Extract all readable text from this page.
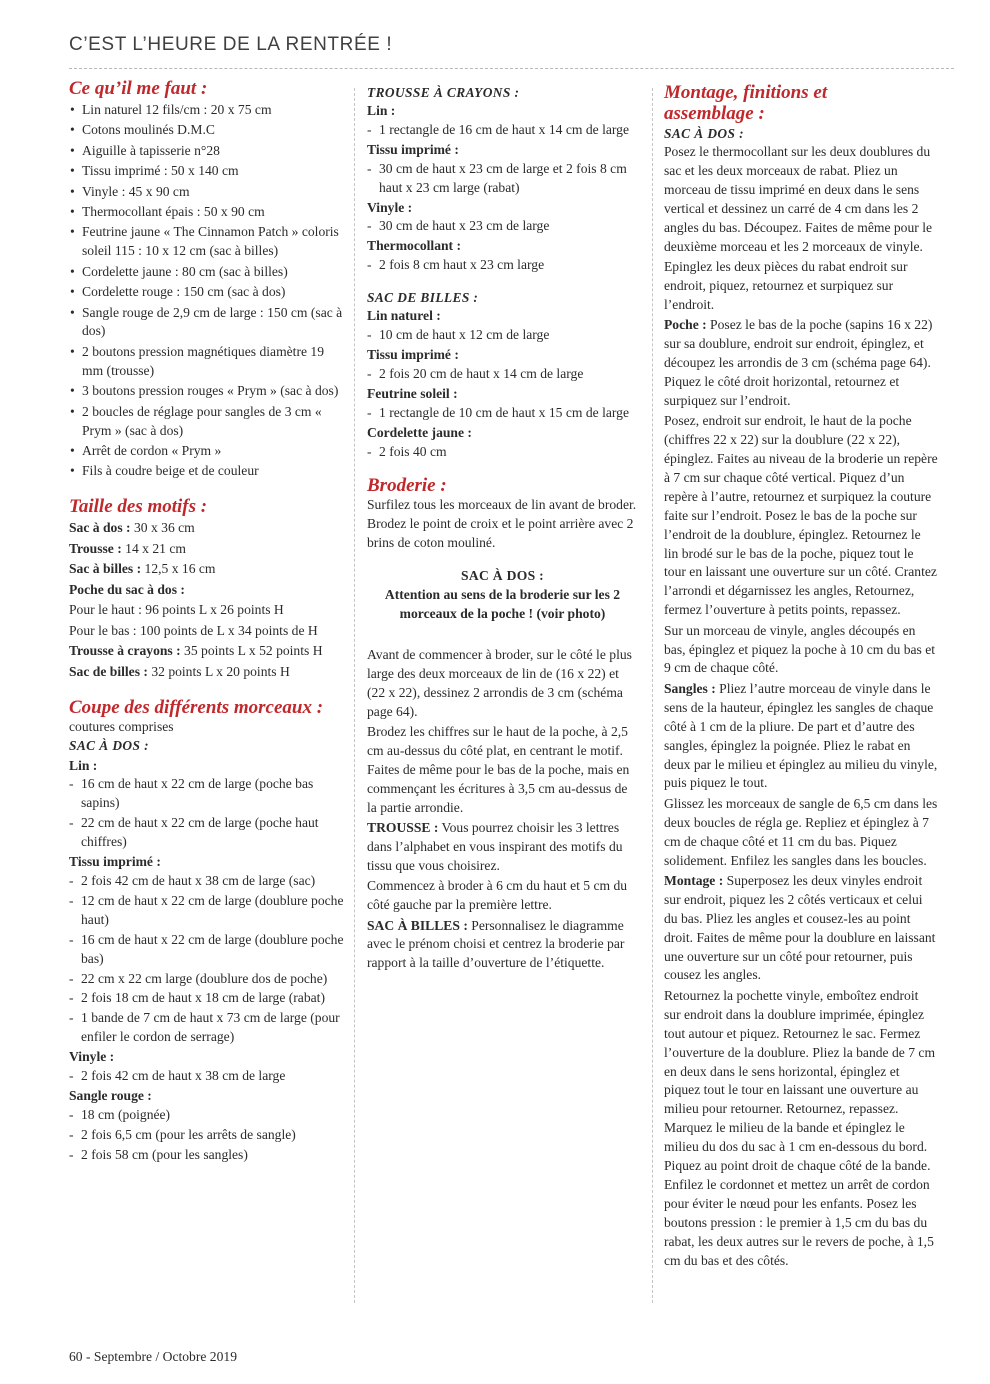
C’EST L’HEURE DE LA RENTRÉE !
Ce qu’il me faut :
• Lin naturel 12 fils/cm : 20 x 75 cm
• Cotons moulinés D.M.C
• Aiguille à tapisserie n°28
• Tissu imprimé : 50 x 140 cm
• Vinyle : 45 x 90 cm
• Thermocollant épais : 50 x 90 cm
• Feutrine jaune « The Cinnamon Patch » coloris soleil 115 : 10 x 12 cm (sac à billes)
• Cordelette jaune : 80 cm (sac à billes)
• Cordelette rouge : 150 cm (sac à dos)
• Sangle rouge de 2,9 cm de large : 150 cm (sac à dos)
• 2 boutons pression magnétiques diamètre 19 mm (trousse)
• 3 boutons pression rouges « Prym » (sac à dos)
• 2 boucles de réglage pour sangles de 3 cm « Prym » (sac à dos)
• Arrêt de cordon « Prym »
• Fils à coudre beige et de couleur
Taille des motifs :
Sac à dos : 30 x 36 cm
Trousse : 14 x 21 cm
Sac à billes : 12,5 x 16 cm
Poche du sac à dos :
Pour le haut : 96 points L x 26 points H
Pour le bas : 100 points de L x 34 points de H
Trousse à crayons : 35 points L x 52 points H
Sac de billes : 32 points L x 20 points H
Coupe des différents morceaux :

coutures comprises

SAC À DOS :
Lin :
- 16 cm de haut x 22 cm de large (poche bas sapins)
- 22 cm de haut x 22 cm de large (poche haut chiffres)
Tissu imprimé :
- 2 fois 42 cm de haut x 38 cm de large (sac)
- 12 cm de haut x 22 cm de large (doublure poche haut)
- 16 cm de haut x 22 cm de large (doublure poche bas)
- 22 cm x 22 cm large (doublure dos de poche)
- 2 fois 18 cm de haut x 18 cm de large (rabat)
- 1 bande de 7 cm de haut x 73 cm de large (pour enfiler le cordon de serrage)
Vinyle :
- 2 fois 42 cm de haut x 38 cm de large
Sangle rouge :
- 18 cm (poignée)
- 2 fois 6,5 cm (pour les arrêts de sangle)
- 2 fois 58 cm (pour les sangles)
TROUSSE À CRAYONS :
Lin :
- 1 rectangle de 16 cm de haut x 14 cm de large
Tissu imprimé :
- 30 cm de haut x 23 cm de large et 2 fois 8 cm haut x 23 cm large (rabat)
Vinyle :
- 30 cm de haut x 23 cm de large
Thermocollant :
- 2 fois 8 cm haut x 23 cm large
SAC DE BILLES :
Lin naturel :
- 10 cm de haut x 12 cm de large
Tissu imprimé :
- 2 fois 20 cm de haut x 14 cm de large
Feutrine soleil :
- 1 rectangle de 10 cm de haut x 15 cm de large
Cordelette jaune :
- 2 fois 40 cm
Broderie :

Surfilez tous les morceaux de lin avant de broder. Brodez le point de croix et le point arrière avec 2 brins de coton mouliné.

SAC À DOS :
Attention au sens de la broderie sur les 2 morceaux de la poche ! (voir photo)

Avant de commencer à broder, sur le côté le plus large des deux morceaux de lin de (16 x 22) et (22 x 22), dessinez 2 arrondis de 3 cm (schéma page 64).

Brodez les chiffres sur le haut de la poche, à 2,5 cm au-dessus du côté plat, en centrant le motif. Faites de même pour le bas de la poche, mais en commençant les écritures à 3,5 cm au-dessus de la partie arrondie.

TROUSSE : Vous pourrez choisir les 3 lettres dans l’alphabet en vous inspirant des motifs du tissu que vous choisirez.

Commencez à broder à 6 cm du haut et 5 cm du côté gauche par la première lettre.

SAC À BILLES : Personnalisez le diagramme avec le prénom choisi et centrez la broderie par rapport à la taille d’ouverture de l’étiquette.

Montage, finitions et assemblage :
SAC À DOS :

Posez le thermocollant sur les deux doublures du sac et les deux morceaux de rabat. Pliez un morceau de tissu imprimé en deux dans le sens vertical et dessinez un carré de 4 cm dans les 2 angles du bas. Découpez. Faites de même pour le deuxième morceau et les 2 morceaux de vinyle.

Epinglez les deux pièces du rabat endroit sur endroit, piquez, retournez et surpiquez sur l’endroit.

Poche : Posez le bas de la poche (sapins 16 x 22) sur sa doublure, endroit sur endroit, épinglez, et découpez les arrondis de 3 cm (schéma page 64). Piquez le côté droit horizontal, retournez et surpiquez sur l’endroit.

Posez, endroit sur endroit, le haut de la poche (chiffres 22 x 22) sur la doublure (22 x 22), épinglez. Faites au niveau de la broderie un repère à 7 cm sur chaque côté vertical. Piquez d’un repère à l’autre, retournez et surpiquez la couture faite sur l’endroit. Posez le bas de la poche sur l’endroit de la doublure, épinglez. Retournez le lin brodé sur le bas de la poche, piquez tout le tour en laissant une ouverture sur un côté. Crantez l’arrondi et dégarnissez les angles, Retournez, fermez l’ouverture à petits points, repassez.

Sur un morceau de vinyle, angles découpés en bas, épinglez et piquez la poche à 10 cm du bas et 9 cm de chaque côté.

Sangles : Pliez l’autre morceau de vinyle dans le sens de la hauteur, épinglez les sangles de chaque côté à 1 cm de la pliure. De part et d’autre des sangles, épinglez la poignée. Pliez le rabat en deux par le milieu et épinglez au milieu du vinyle, puis piquez le tout.

Glissez les morceaux de sangle de 6,5 cm dans les deux boucles de régla ge. Repliez et épinglez à 7 cm de chaque côté et 11 cm du bas. Piquez solidement. Enfilez les sangles dans les boucles.

Montage : Superposez les deux vinyles endroit sur endroit, piquez les 2 côtés verticaux et celui du bas. Pliez les angles et cousez-les au point droit. Faites de même pour la doublure en laissant une ouverture sur un côté pour retourner, puis cousez les angles.

Retournez la pochette vinyle, emboîtez endroit sur endroit dans la doublure imprimée, épinglez tout autour et piquez. Retournez le sac. Fermez l’ouverture de la doublure. Pliez la bande de 7 cm en deux dans le sens horizontal, épinglez et piquez tout le tour en laissant une ouverture au milieu pour retourner. Retournez, repassez. Marquez le milieu de la bande et épinglez le milieu du dos du sac à 1 cm en-dessous du bord. Piquez au point droit de chaque côté de la bande. Enfilez le cordonnet et mettez un arrêt de cordon pour éviter le nœud pour les enfants. Posez les boutons pression : le premier à 1,5 cm du bas du rabat, les deux autres sur le revers de poche, à 1,5 cm du bas et des côtés.

60 - Septembre / Octobre 2019
